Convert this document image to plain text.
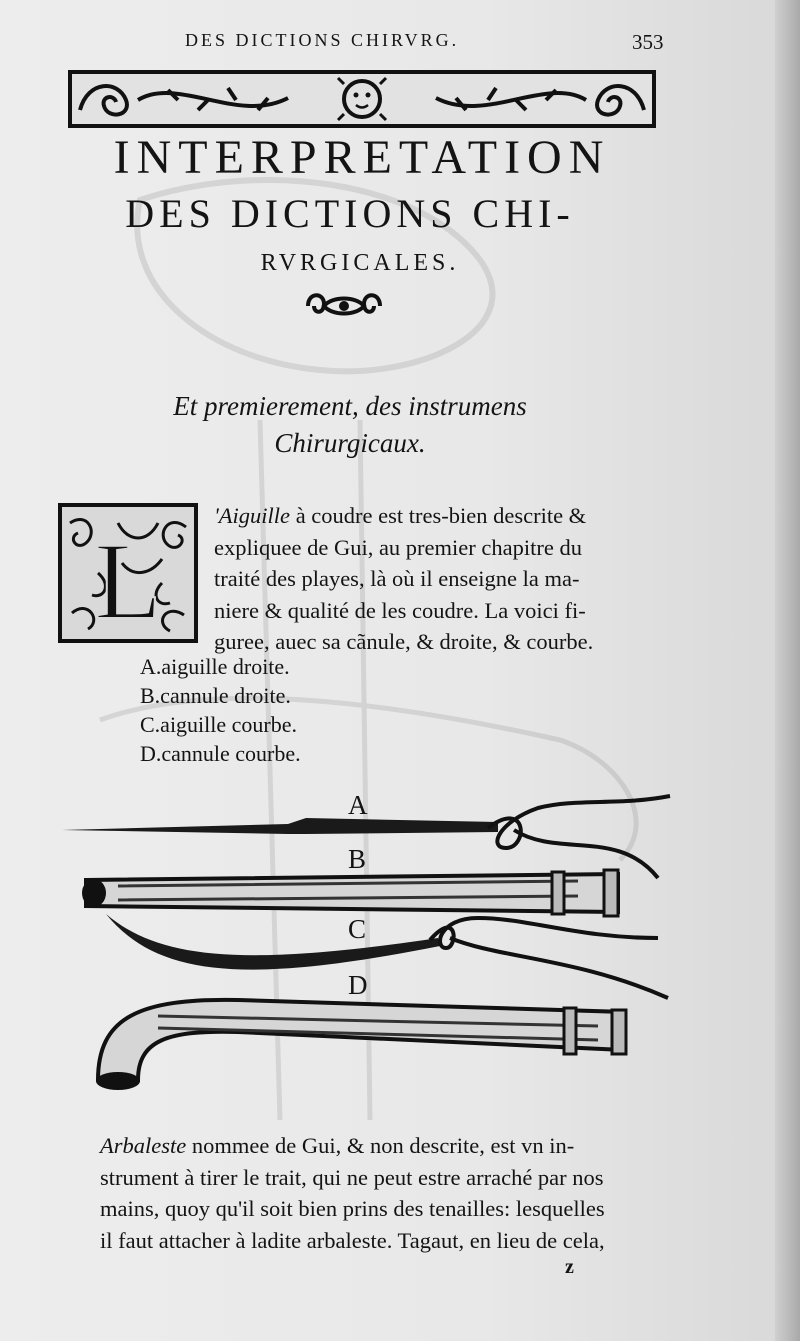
DES DICTIONS CHIRVRG.	353
INTERPRETATION
DES DICTIONS CHI-
RVRGICALES.
Et premierement, des instrumens
Chirurgicaux.
L
'Aiguille à coudre est tres-bien descrite &
expliquee de Gui, au premier chapitre du
traité des playes, là où il enseigne la ma-
niere & qualité de les coudre. La voici fi-
guree, auec sa cãnule, & droite, & courbe.
A.aiguille droite.
B.cannule droite.
C.aiguille courbe.
D.cannule courbe.
A
B
C
D
Arbaleste nommee de Gui, & non descrite, est vn in-
strument à tirer le trait, qui ne peut estre arraché par nos
mains, quoy qu'il soit bien prins des tenailles: lesquelles
il faut attacher à ladite arbaleste. Tagaut, en lieu de cela,
z
